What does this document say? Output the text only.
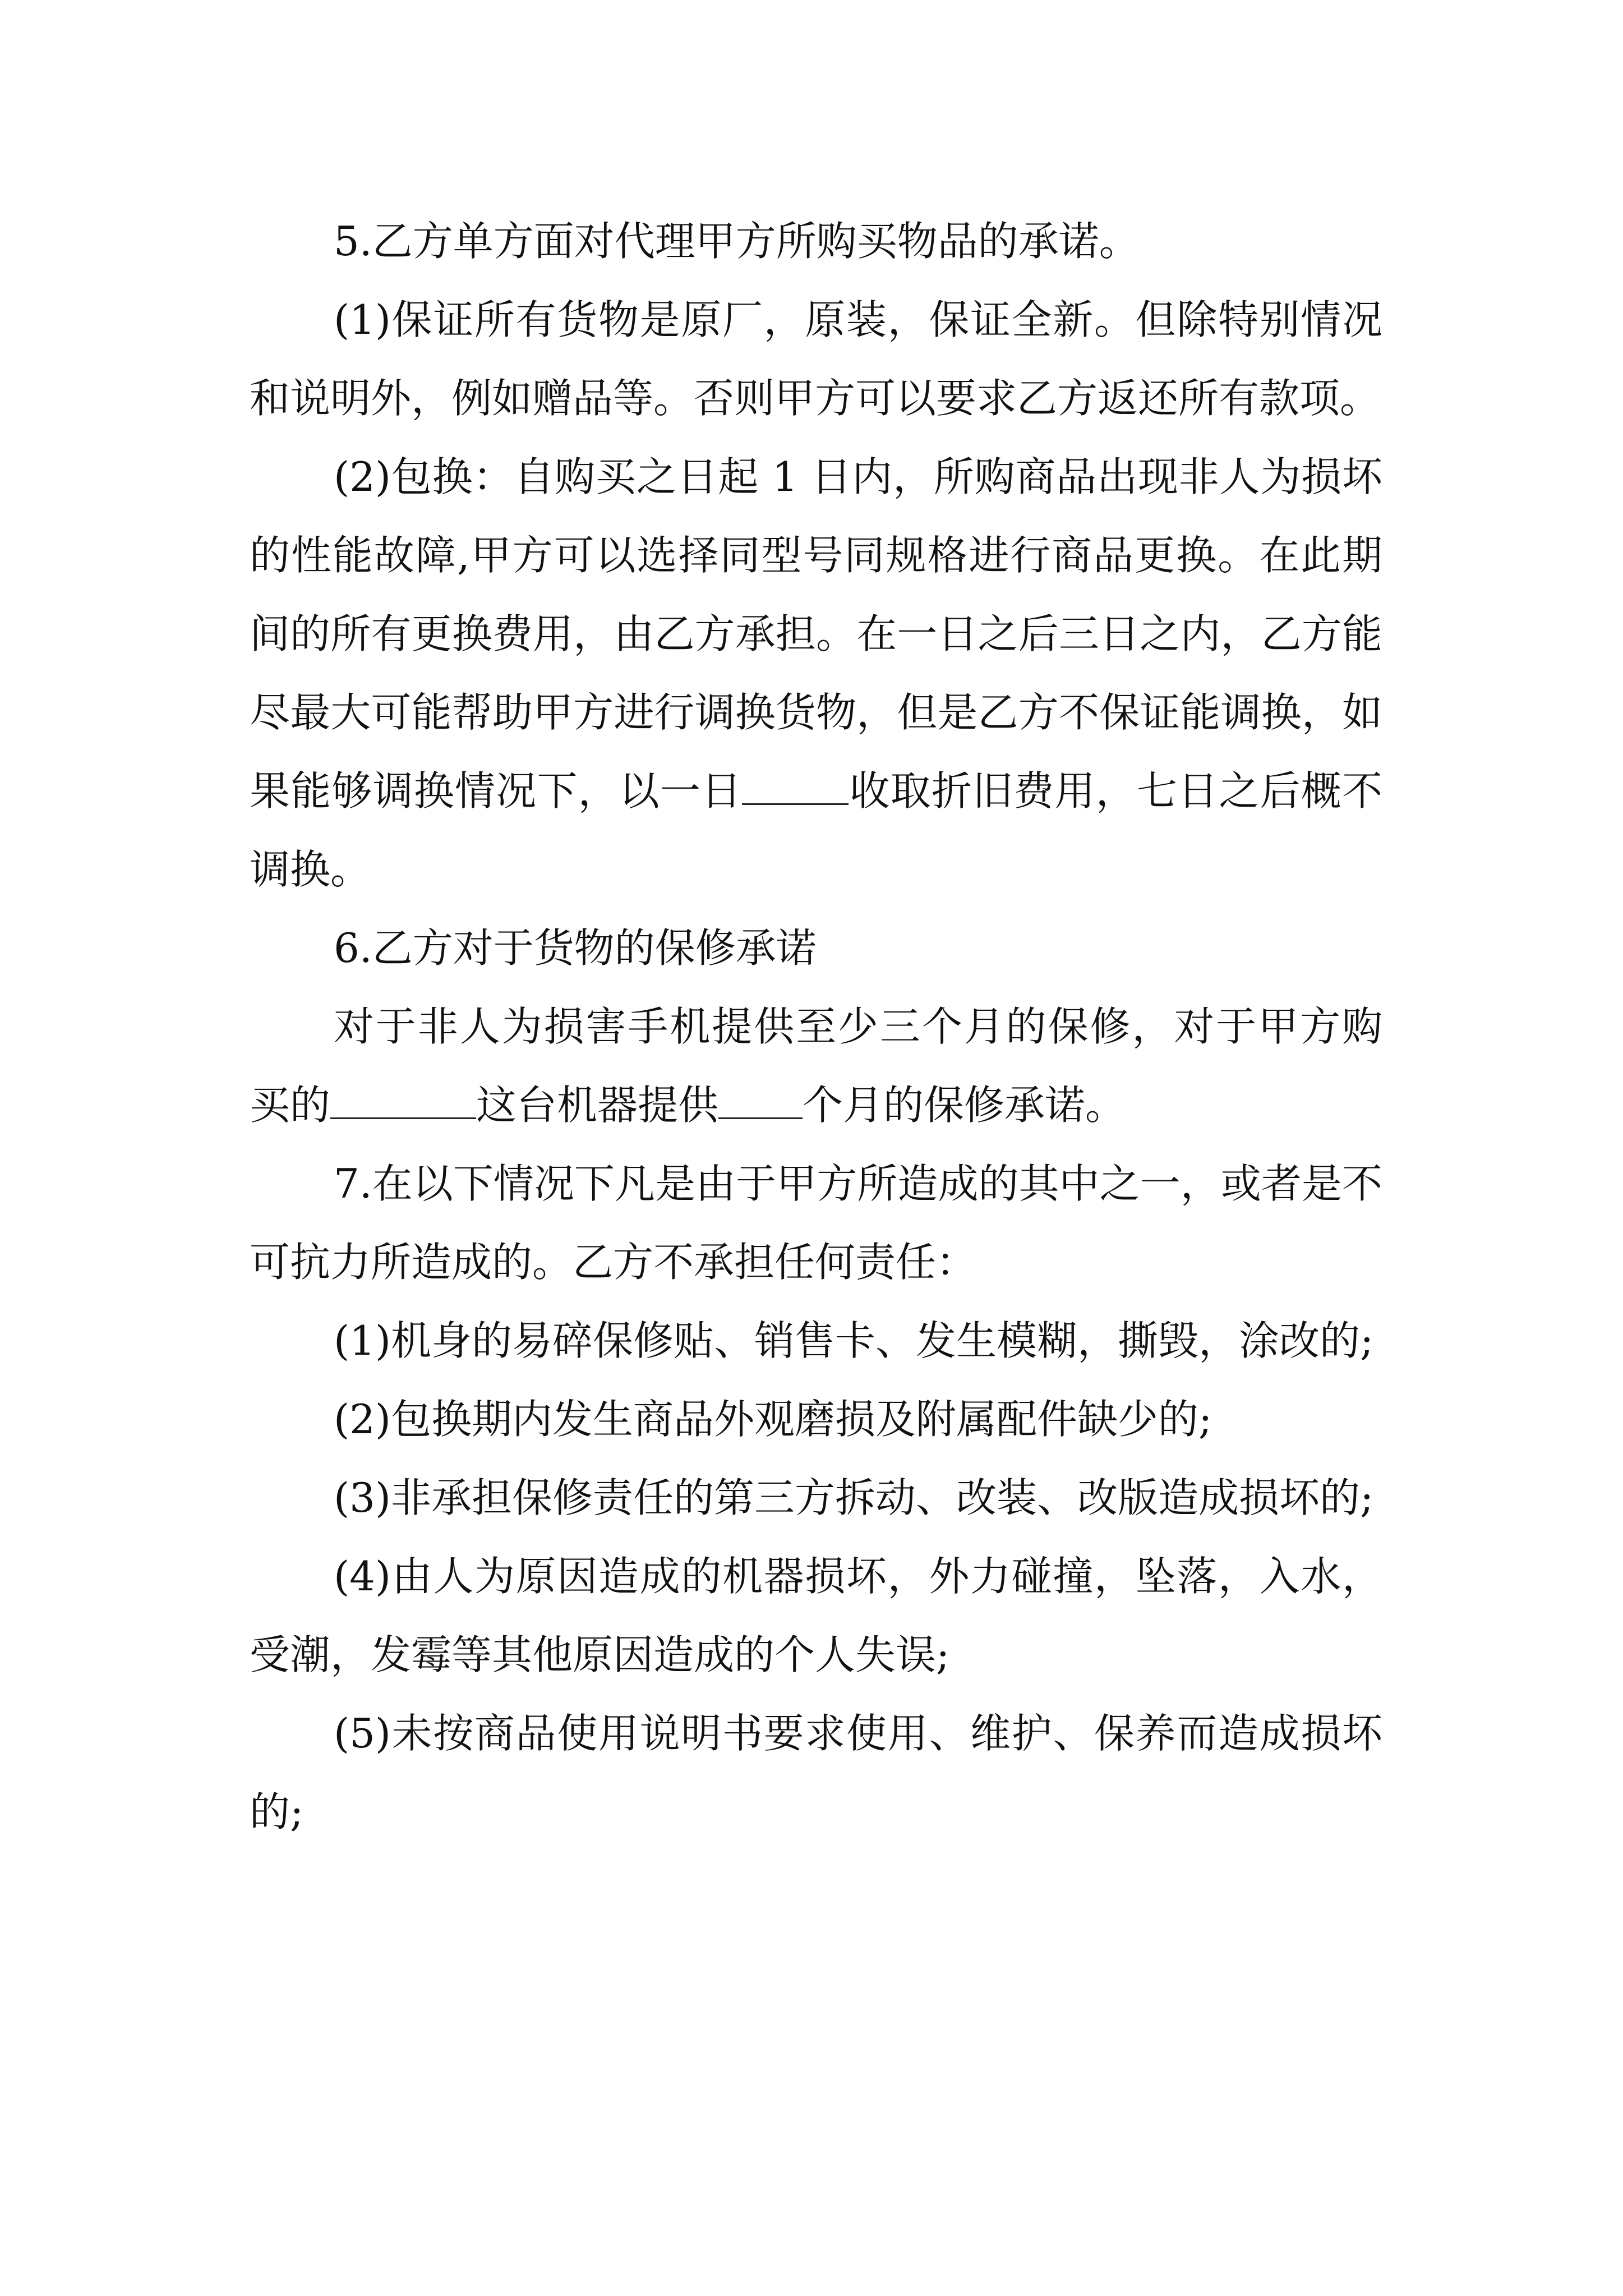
5.乙方单方面对代理甲方所购买物品的承诺。

(1)保证所有货物是原厂，原装，保证全新。但除特别情况和说明外，例如赠品等。否则甲方可以要求乙方返还所有款项。

(2)包换：自购买之日起 1 日内，所购商品出现非人为损坏的性能故障,甲方可以选择同型号同规格进行商品更换。在此期间的所有更换费用，由乙方承担。在一日之后三日之内，乙方能尽最大可能帮助甲方进行调换货物，但是乙方不保证能调换，如果能够调换情况下，以一日	收取折旧费用，七日之后概不调换。

6.乙方对于货物的保修承诺

对于非人为损害手机提供至少三个月的保修，对于甲方购买的	这台机器提供 个月的保修承诺。

7.在以下情况下凡是由于甲方所造成的其中之一，或者是不可抗力所造成的。乙方不承担任何责任：

(1)机身的易碎保修贴、销售卡、发生模糊，撕毁，涂改的;

(2)包换期内发生商品外观磨损及附属配件缺少的;

(3)非承担保修责任的第三方拆动、改装、改版造成损坏的;

(4)由人为原因造成的机器损坏，外力碰撞，坠落，入水，受潮，发霉等其他原因造成的个人失误;

(5)未按商品使用说明书要求使用、维护、保养而造成损坏的;
